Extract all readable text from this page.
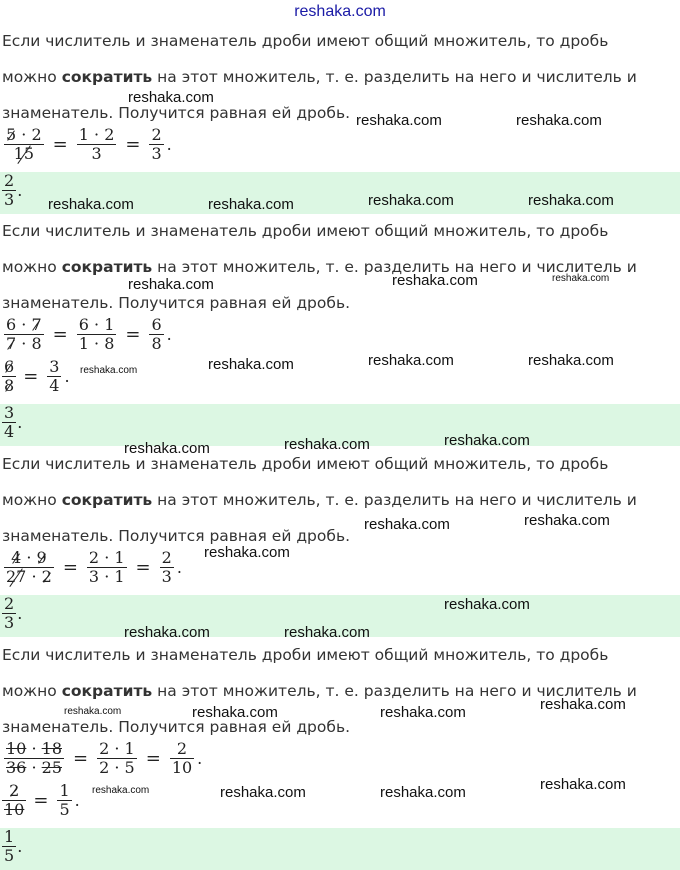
reshaka.com
Если числитель и знаменатель дроби имеют общий множитель, то дробь
можно сократить на этот множитель, т. е. разделить на него и числитель и
знаменатель. Получится равная ей дробь.
$\frac{5 \cdot 2}{15} = \frac{1 \cdot 2}{3} = \frac{2}{3}$ .
$\frac{2}{3}$ .
Если числитель и знаменатель дроби имеют общий множитель, то дробь
можно сократить на этот множитель, т. е. разделить на него и числитель и
знаменатель. Получится равная ей дробь.
$\frac{6 \cdot 7}{7 \cdot 8} = \frac{6 \cdot 1}{1 \cdot 8} = \frac{6}{8}$ .
$\frac{6}{8} = \frac{3}{4}$ .
$\frac{3}{4}$ .
Если числитель и знаменатель дроби имеют общий множитель, то дробь
можно сократить на этот множитель, т. е. разделить на него и числитель и
знаменатель. Получится равная ей дробь.
$\frac{4 \cdot 9}{27 \cdot 2} = \frac{2 \cdot 1}{3 \cdot 1} = \frac{2}{3}$ .
$\frac{2}{3}$ .
Если числитель и знаменатель дроби имеют общий множитель, то дробь
можно сократить на этот множитель, т. е. разделить на него и числитель и
знаменатель. Получится равная ей дробь.
$\frac{10 \cdot 18}{36 \cdot 25} = \frac{2 \cdot 1}{2 \cdot 5} = \frac{2}{10}$ .
$\frac{2}{10} = \frac{1}{5}$ .
$\frac{1}{5}$ .
reshaka.com
reshaka.com	reshaka.com
reshaka.com	reshaka.com	reshaka.com	reshaka.com
reshaka.com	reshaka.com	reshaka.com
reshaka.com	reshaka.com	reshaka.com
reshaka.com
reshaka.com	reshaka.com	reshaka.com
reshaka.com	reshaka.com
reshaka.com
reshaka.com
reshaka.com	reshaka.com
reshaka.com	reshaka.com	reshaka.com	reshaka.com
reshaka.com	reshaka.com	reshaka.com	reshaka.com
